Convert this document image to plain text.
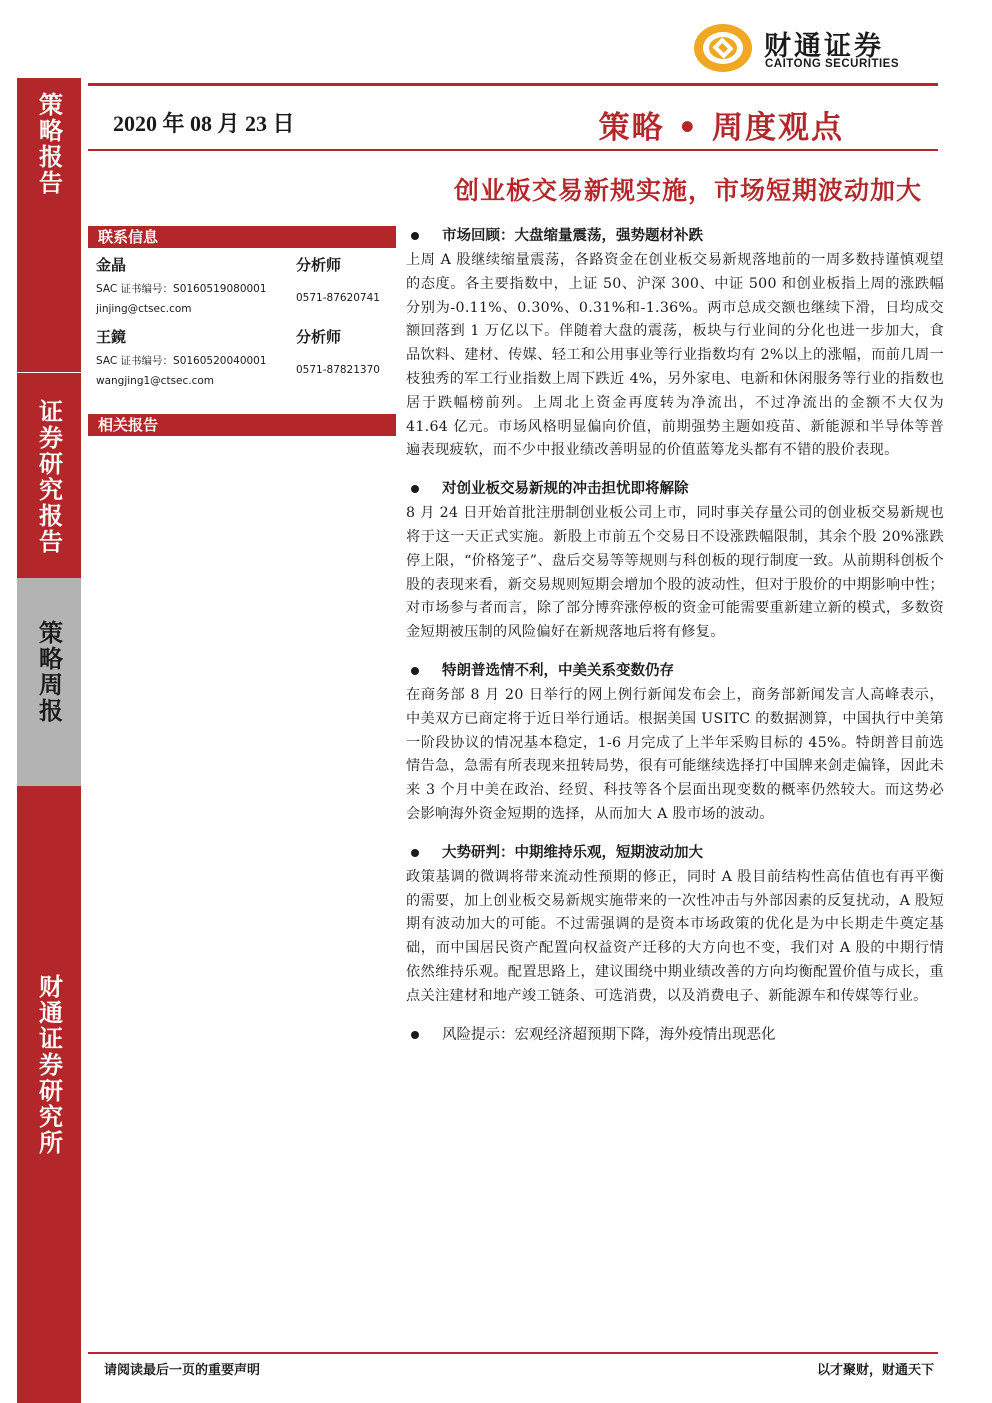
策略报告
证券研究报告
策略周报
财通证券研究所
财通证券
CAITONG SECURITIES
2020 年 08 月 23 日	策略 • 周度观点
创业板交易新规实施，市场短期波动加大
联系信息
金晶	分析师
SAC 证书编号：S0160519080001
0571-87620741
jinjing@ctsec.com
王鏡	分析师
SAC 证书编号：S0160520040001
0571-87821370
wangjing1@ctsec.com
相关报告
市场回顾：大盘缩量震荡，强势题材补跌
上周 A 股继续缩量震荡，各路资金在创业板交易新规落地前的一周多数持谨慎观望的态度。各主要指数中，上证 50、沪深 300、中证 500 和创业板指上周的涨跌幅分别为-0.11%、0.30%、0.31%和-1.36%。两市总成交额也继续下滑，日均成交额回落到 1 万亿以下。伴随着大盘的震荡，板块与行业间的分化也进一步加大，食品饮料、建材、传媒、轻工和公用事业等行业指数均有 2%以上的涨幅，而前几周一枝独秀的军工行业指数上周下跌近 4%，另外家电、电新和休闲服务等行业的指数也居于跌幅榜前列。上周北上资金再度转为净流出，不过净流出的金额不大仅为 41.64 亿元。市场风格明显偏向价值，前期强势主题如疫苗、新能源和半导体等普遍表现疲软，而不少中报业绩改善明显的价值蓝筹龙头都有不错的股价表现。
对创业板交易新规的冲击担忧即将解除
8 月 24 日开始首批注册制创业板公司上市，同时事关存量公司的创业板交易新规也将于这一天正式实施。新股上市前五个交易日不设涨跌幅限制，其余个股 20%涨跌停上限，“价格笼子”、盘后交易等等规则与科创板的现行制度一致。从前期科创板个股的表现来看，新交易规则短期会增加个股的波动性，但对于股价的中期影响中性；对市场参与者而言，除了部分博弈涨停板的资金可能需要重新建立新的模式，多数资金短期被压制的风险偏好在新规落地后将有修复。
特朗普选情不利，中美关系变数仍存
在商务部 8 月 20 日举行的网上例行新闻发布会上，商务部新闻发言人高峰表示，中美双方已商定将于近日举行通话。根据美国 USITC 的数据测算，中国执行中美第一阶段协议的情况基本稳定，1-6 月完成了上半年采购目标的 45%。特朗普目前选情告急，急需有所表现来扭转局势，很有可能继续选择打中国牌来剑走偏锋，因此未来 3 个月中美在政治、经贸、科技等各个层面出现变数的概率仍然较大。而这势必会影响海外资金短期的选择，从而加大 A 股市场的波动。
大势研判：中期维持乐观，短期波动加大
政策基调的微调将带来流动性预期的修正，同时 A 股目前结构性高估值也有再平衡的需要，加上创业板交易新规实施带来的一次性冲击与外部因素的反复扰动，A 股短期有波动加大的可能。不过需强调的是资本市场政策的优化是为中长期走牛奠定基础，而中国居民资产配置向权益资产迁移的大方向也不变，我们对 A 股的中期行情依然维持乐观。配置思路上，建议围绕中期业绩改善的方向均衡配置价值与成长，重点关注建材和地产竣工链条、可选消费，以及消费电子、新能源车和传媒等行业。
风险提示：宏观经济超预期下降，海外疫情出现恶化
请阅读最后一页的重要声明	以才聚财，财通天下
